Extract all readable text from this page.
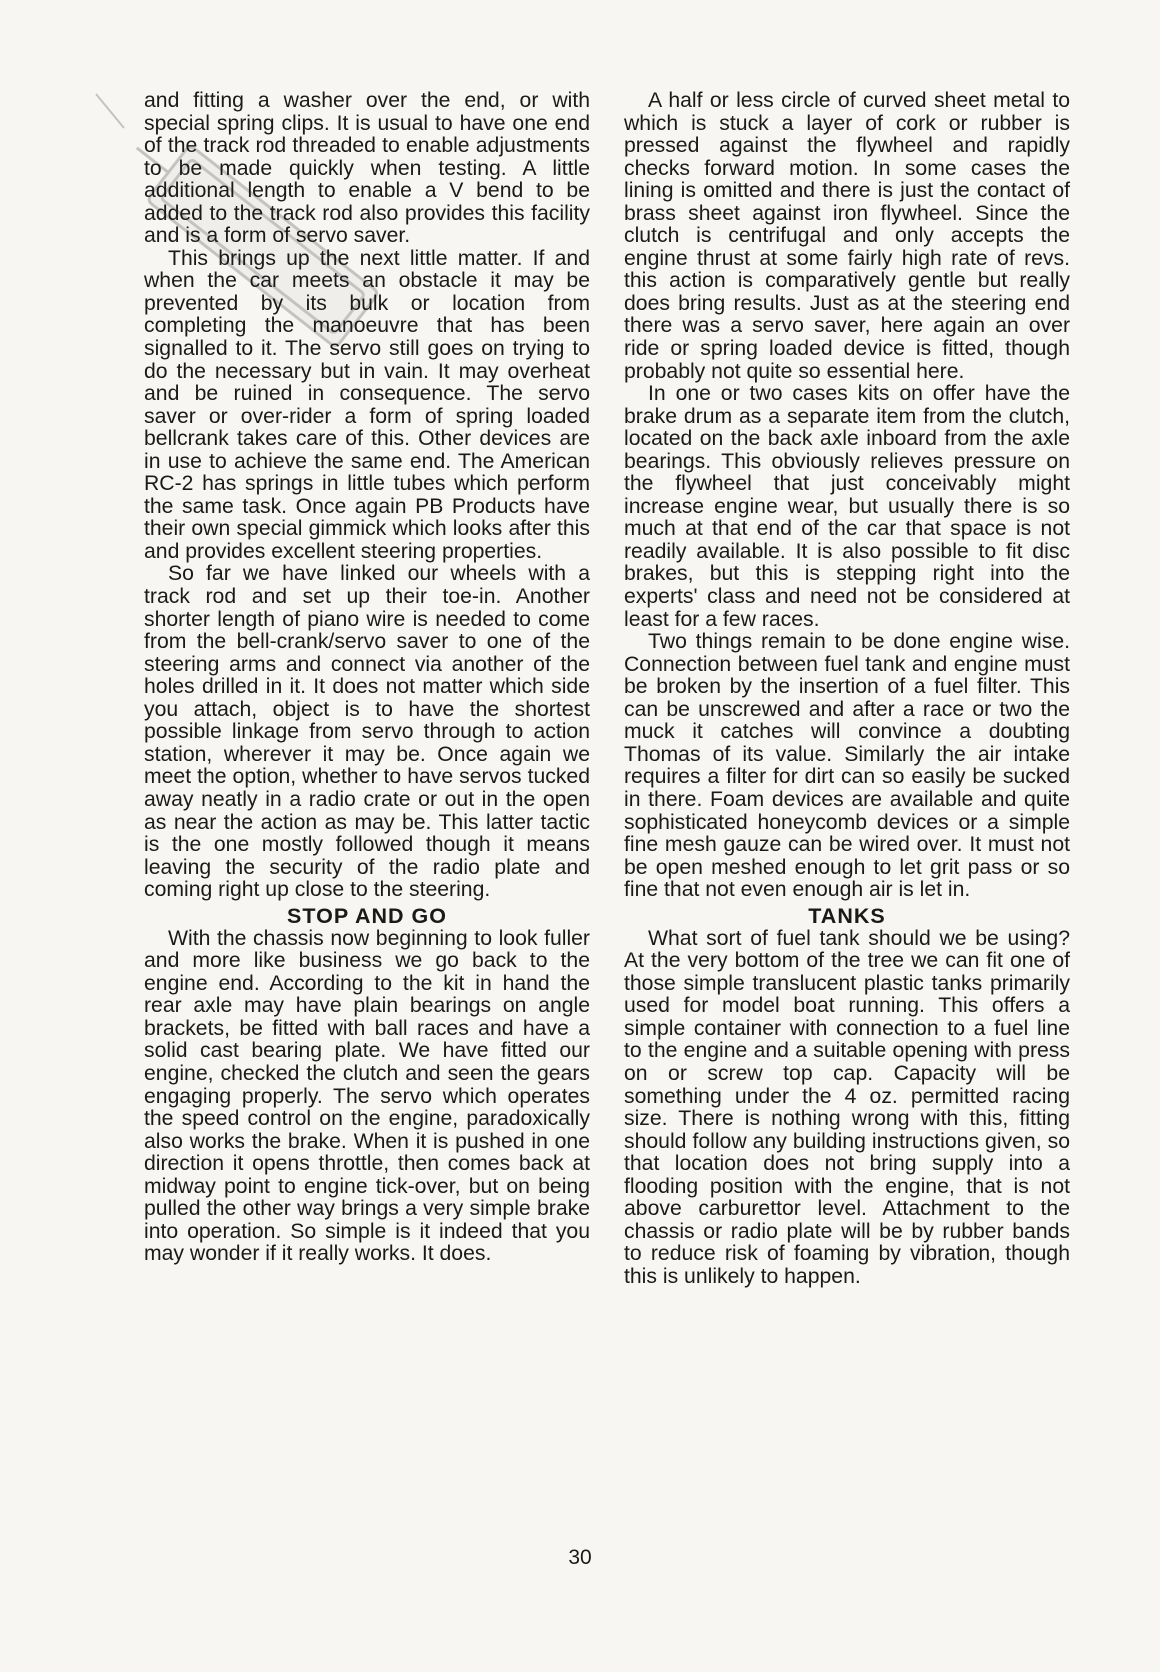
and fitting a washer over the end, or with special spring clips. It is usual to have one end of the track rod threaded to enable adjustments to be made quickly when testing. A little additional length to enable a V bend to be added to the track rod also provides this facility and is a form of servo saver.

This brings up the next little matter. If and when the car meets an obstacle it may be prevented by its bulk or location from completing the manoeuvre that has been signalled to it. The servo still goes on trying to do the necessary but in vain. It may overheat and be ruined in consequence. The servo saver or over-rider a form of spring loaded bellcrank takes care of this. Other devices are in use to achieve the same end. The American RC-2 has springs in little tubes which perform the same task. Once again PB Products have their own special gimmick which looks after this and provides excellent steering properties.

So far we have linked our wheels with a track rod and set up their toe-in. Another shorter length of piano wire is needed to come from the bell-crank/servo saver to one of the steering arms and connect via another of the holes drilled in it. It does not matter which side you attach, object is to have the shortest possible linkage from servo through to action station, wherever it may be. Once again we meet the option, whether to have servos tucked away neatly in a radio crate or out in the open as near the action as may be. This latter tactic is the one mostly followed though it means leaving the security of the radio plate and coming right up close to the steering.

STOP AND GO

With the chassis now beginning to look fuller and more like business we go back to the engine end. According to the kit in hand the rear axle may have plain bearings on angle brackets, be fitted with ball races and have a solid cast bearing plate. We have fitted our engine, checked the clutch and seen the gears engaging properly. The servo which operates the speed control on the engine, paradoxically also works the brake. When it is pushed in one direction it opens throttle, then comes back at midway point to engine tick-over, but on being pulled the other way brings a very simple brake into operation. So simple is it indeed that you may wonder if it really works. It does.

A half or less circle of curved sheet metal to which is stuck a layer of cork or rubber is pressed against the flywheel and rapidly checks forward motion. In some cases the lining is omitted and there is just the contact of brass sheet against iron flywheel. Since the clutch is centrifugal and only accepts the engine thrust at some fairly high rate of revs. this action is comparatively gentle but really does bring results. Just as at the steering end there was a servo saver, here again an over ride or spring loaded device is fitted, though probably not quite so essential here.

In one or two cases kits on offer have the brake drum as a separate item from the clutch, located on the back axle inboard from the axle bearings. This obviously relieves pressure on the flywheel that just conceivably might increase engine wear, but usually there is so much at that end of the car that space is not readily available. It is also possible to fit disc brakes, but this is stepping right into the experts' class and need not be considered at least for a few races.

Two things remain to be done engine wise. Connection between fuel tank and engine must be broken by the insertion of a fuel filter. This can be unscrewed and after a race or two the muck it catches will convince a doubting Thomas of its value. Similarly the air intake requires a filter for dirt can so easily be sucked in there. Foam devices are available and quite sophisticated honeycomb devices or a simple fine mesh gauze can be wired over. It must not be open meshed enough to let grit pass or so fine that not even enough air is let in.

TANKS

What sort of fuel tank should we be using? At the very bottom of the tree we can fit one of those simple translucent plastic tanks primarily used for model boat running. This offers a simple container with connection to a fuel line to the engine and a suitable opening with press on or screw top cap. Capacity will be something under the 4 oz. permitted racing size. There is nothing wrong with this, fitting should follow any building instructions given, so that location does not bring supply into a flooding position with the engine, that is not above carburettor level. Attachment to the chassis or radio plate will be by rubber bands to reduce risk of foaming by vibration, though this is unlikely to happen.

30
